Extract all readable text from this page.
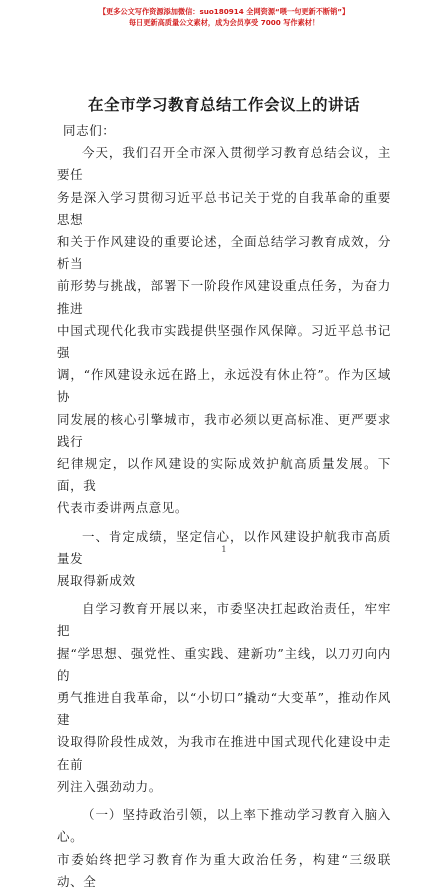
【更多公文写作资源添加微信：suo180914 全网资源“喂一句更新不断销”】
每日更新高质量公文素材，成为会员享受 7000 写作素材！
在全市学习教育总结工作会议上的讲话

同志们：

今天，我们召开全市深入贯彻学习教育总结会议，主要任
务是深入学习贯彻习近平总书记关于党的自我革命的重要思想
和关于作风建设的重要论述，全面总结学习教育成效，分析当
前形势与挑战，部署下一阶段作风建设重点任务，为奋力推进
中国式现代化我市实践提供坚强作风保障。习近平总书记强
调，“作风建设永远在路上，永远没有休止符”。作为区域协
同发展的核心引擎城市，我市必须以更高标准、更严要求践行
纪律规定，以作风建设的实际成效护航高质量发展。下面，我
代表市委讲两点意见。

一、肯定成绩，坚定信心，以作风建设护航我市高质量发
展取得新成效

自学习教育开展以来，市委坚决扛起政治责任，牢牢把
握“学思想、强党性、重实践、建新功”主线，以刀刃向内的
勇气推进自我革命，以“小切口”撬动“大变革”，推动作风建
设取得阶段性成效，为我市在推进中国式现代化建设中走在前
列注入强劲动力。

（一）坚持政治引领，以上率下推动学习教育入脑入心。
市委始终把学习教育作为重大政治任务，构建“三级联动、全

1
